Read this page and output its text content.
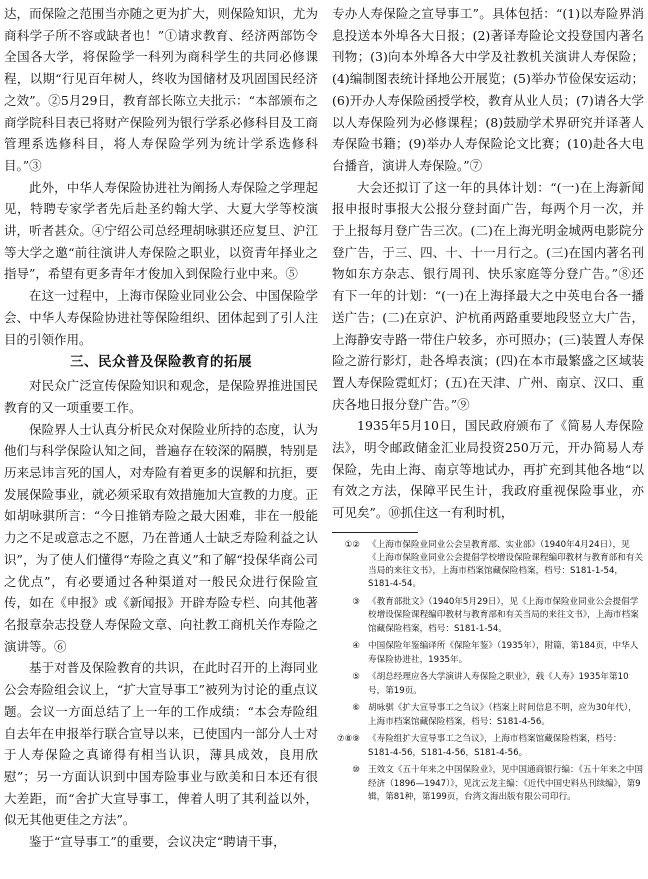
达，而保险之范围当亦随之更为扩大，则保险知识，尤为商科学子所不容或缺者也！”①请求教育、经济两部饬令全国各大学，将保险学一科列为商科学生的共同必修课程，以期“行见百年树人，终收为国储材及巩固国民经济之效”。②5月29日，教育部长陈立夫批示：“本部颁布之商学院科目表已将财产保险列为银行学系必修科目及工商管理系选修科目，将人寿保险学列为统计学系选修科目。”③

此外，中华人寿保险协进社为阐扬人寿保险之学理起见，特聘专家学者先后赴圣约翰大学、大夏大学等校演讲，听者甚众。④宁绍公司总经理胡咏骐还应复旦、沪江等大学之邀“前往演讲人寿保险之职业，以资青年择业之指导”，希望有更多青年才俊加入到保险行业中来。⑤

在这一过程中，上海市保险业同业公会、中国保险学会、中华人寿保险协进社等保险组织、团体起到了引人注目的引领作用。

三、民众普及保险教育的拓展

对民众广泛宣传保险知识和观念，是保险界推进国民教育的又一项重要工作。

保险界人士认真分析民众对保险业所持的态度，认为他们与科学保险认知之间，普遍存在较深的隔膜，特别是历来忌讳言死的国人，对寿险有着更多的误解和抗拒，要发展保险事业，就必须采取有效措施加大宣教的力度。正如胡咏骐所言：“今日推销寿险之最大困难，非在一般能力之不足或意志之不愿，乃在普通人士缺乏寿险利益之认识”，为了使人们懂得“寿险之真义”和了解“投保华商公司之优点”，有必要通过各种渠道对一般民众进行保险宣传，如在《申报》或《新闻报》开辟寿险专栏、向其他著名报章杂志投登人寿保险文章、向社教工商机关作寿险之演讲等。⑥

基于对普及保险教育的共识，在此时召开的上海同业公会寿险组会议上，“扩大宣导事工”被列为讨论的重点议题。会议一方面总结了上一年的工作成绩：“本会寿险组自去年在申报举行联合宣导以来，已使国内一部分人士对于人寿保险之真谛得有相当认识，薄具成效，良用欣慰”；另一方面认识到中国寿险事业与欧美和日本还有很大差距，而“舍扩大宣导事工，俾着人明了其利益以外，似无其他更佳之方法”。

鉴于“宣导事工”的重要，会议决定“聘请干事，

专办人寿保险之宣导事工”。具体包括：“(1)以寿险界消息投送本外埠各大日报；(2)著译寿险论文投登国内著名刊物；(3)向本外埠各大中学及社教机关演讲人寿保险；(4)编制图表统计择地公开展览；(5)举办节俭保安运动；(6)开办人寿保险函授学校，教育从业人员；(7)请各大学以人寿保险列为必修课程；(8)鼓励学术界研究并译著人寿保险书籍；(9)举办人寿保险论文比赛；(10)赴各大电台播音，演讲人寿保险。”⑦

大会还拟订了这一年的具体计划：“(一)在上海新闻报申报时事报大公报分登封面广告，每两个月一次，并于上报每月登广告三次。(二)在上海光明金城两电影院分登广告，于三、四、十、十一月行之。(三)在国内著名刊物如东方杂志、银行周刊、快乐家庭等分登广告。”⑧还有下一年的计划：“(一)在上海择最大之中英电台各一播送广告；(二)在京沪、沪杭甬两路重要地段竖立大广告，上海静安寺路一带住户较多，亦可照办；(三)装置人寿保险之游行影灯，赴各埠表演；(四)在本市最繁盛之区域装置人寿保险霓虹灯；(五)在天津、广州、南京、汉口、重庆各地日报分登广告。”⑨

1935年5月10日，国民政府颁布了《简易人寿保险法》，明令邮政储金汇业局投资250万元，开办简易人寿保险，先由上海、南京等地试办，再扩充到其他各地“以有效之方法，保障平民生计，我政府重视保险事业，亦可见矣”。⑩抓住这一有利时机，

①② 《上海市保险业同业公会呈教育部、实业部》（1940年4月24日），见《上海市保险业同业公会提倡学校增设保险课程编印教材与教育部和有关当局的来往文书》，上海市档案馆藏保险档案，档号：S181-1-54，S181-4-54。
③ 《教育部批文》（1940年5月29日），见《上海市保险业同业公会提倡学校增设保险课程编印教材与教育部和有关当局的来往文书》，上海市档案馆藏保险档案，档号：S181-1-54。
④ 中国保险年鉴编译所《保险年鉴》（1935年），附篇，第184页，中华人寿保险协进社，1935年。
⑤ 《胡总经理应各大学演讲人寿保险之职业》，载《人寿》1935年第10号，第19页。
⑥ 胡咏骐《扩大宣导事工之刍议》（档案上时间信息不明，应为30年代），上海市档案馆藏保险档案，档号：S181-4-56。
⑦⑧⑨ 《寿险组扩大宣导事工之刍议》，上海市档案馆藏保险档案，档号：S181-4-56，S181-4-56，S181-4-56。
⑩ 王效文《五十年来之中国保险业》，见中国通商银行编：《五十年来之中国经济（1896—1947）》，见沈云龙主编：《近代中国史料丛刊续编》，第9辑，第81种，第199页，台湾文海出版有限公司印行。
